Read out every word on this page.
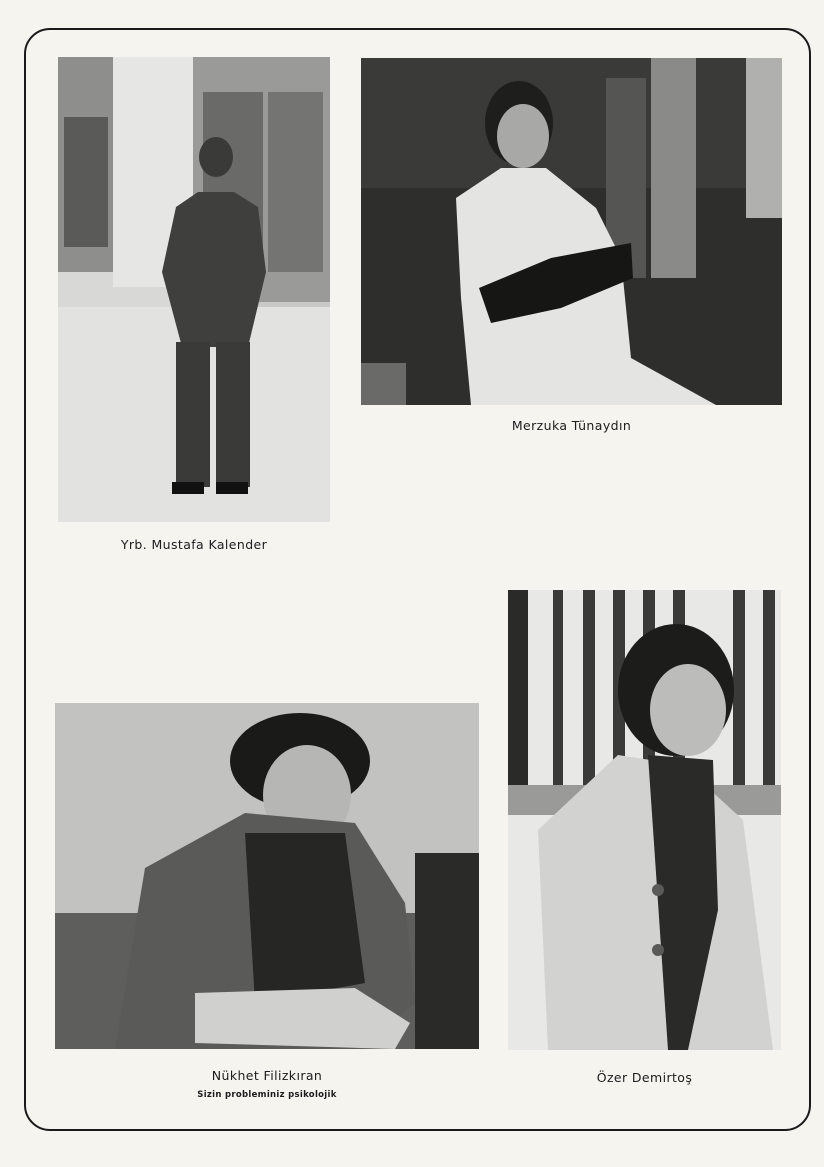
Yrb. Mustafa Kalender
Merzuka Tünaydın
Nükhet Filizkıran
Sizin probleminiz psikolojik
Özer Demirtoş
